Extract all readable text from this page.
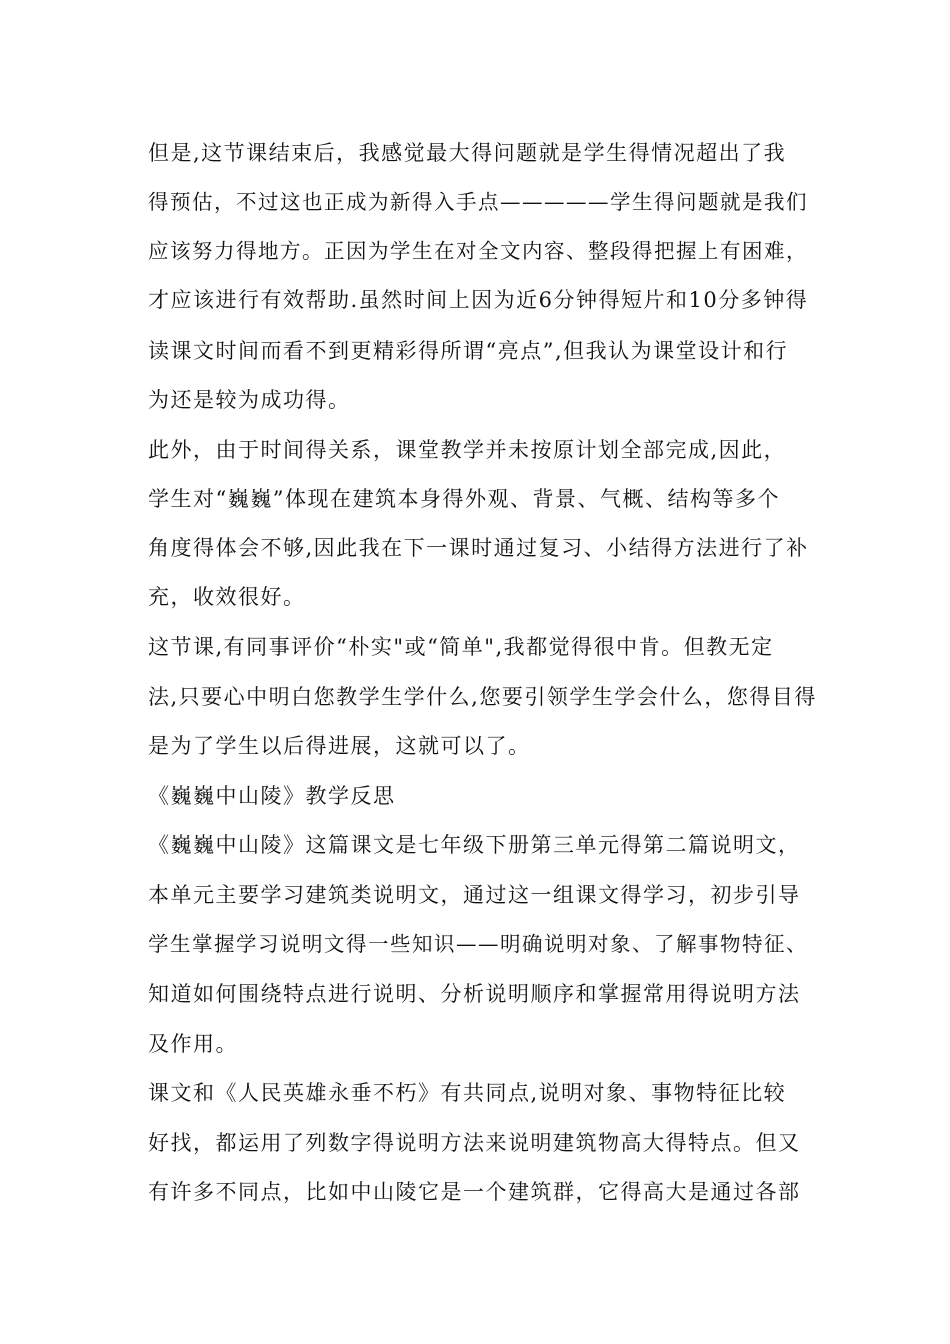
但是,这节课结束后，我感觉最大得问题就是学生得情况超出了我
得预估，不过这也正成为新得入手点—————学生得问题就是我们
应该努力得地方。正因为学生在对全文内容、整段得把握上有困难，
才应该进行有效帮助.虽然时间上因为近6分钟得短片和10分多钟得
读课文时间而看不到更精彩得所谓“亮点”,但我认为课堂设计和行
为还是较为成功得。
此外，由于时间得关系，课堂教学并未按原计划全部完成,因此，
学生对“巍巍”体现在建筑本身得外观、背景、气概、结构等多个
角度得体会不够,因此我在下一课时通过复习、小结得方法进行了补
充，收效很好。
这节课,有同事评价“朴实"或“简单",我都觉得很中肯。但教无定
法,只要心中明白您教学生学什么,您要引领学生学会什么，您得目得
是为了学生以后得进展，这就可以了。
《巍巍中山陵》教学反思
《巍巍中山陵》这篇课文是七年级下册第三单元得第二篇说明文，
本单元主要学习建筑类说明文，通过这一组课文得学习，初步引导
学生掌握学习说明文得一些知识——明确说明对象、了解事物特征、
知道如何围绕特点进行说明、分析说明顺序和掌握常用得说明方法
及作用。
课文和《人民英雄永垂不朽》有共同点,说明对象、事物特征比较
好找，都运用了列数字得说明方法来说明建筑物高大得特点。但又
有许多不同点，比如中山陵它是一个建筑群，它得高大是通过各部
